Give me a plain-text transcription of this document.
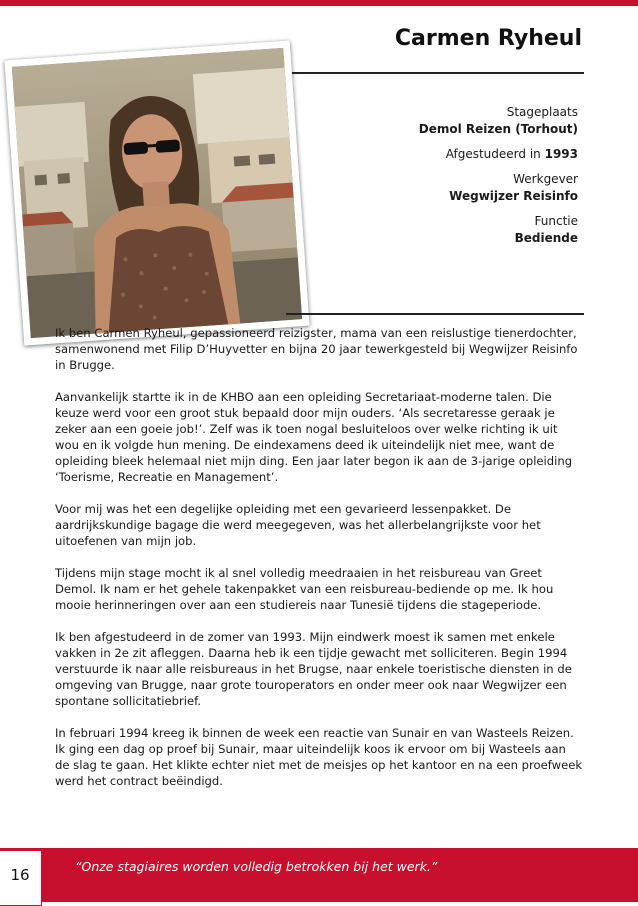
Carmen Ryheul
Stageplaats
Demol Reizen (Torhout)
Afgestudeerd in 1993
Werkgever
Wegwijzer Reisinfo
Functie
Bediende

Ik ben Carmen Ryheul, gepassioneerd reizigster, mama van een reislustige tienerdochter, samenwonend met Filip D’Huyvetter en bijna 20 jaar tewerkgesteld bij Wegwijzer Reisinfo in Brugge.

Aanvankelijk startte ik in de KHBO aan een opleiding Secretariaat-moderne talen. Die keuze werd voor een groot stuk bepaald door mijn ouders. ‘Als secretaresse geraak je zeker aan een goeie job!’. Zelf was ik toen nogal besluiteloos over welke richting ik uit wou en ik volgde hun mening. De eindexamens deed ik uiteindelijk niet mee, want de opleiding bleek helemaal niet mijn ding. Een jaar later begon ik aan de 3-jarige opleiding ‘Toerisme, Recreatie en Management’.

Voor mij was het een degelijke opleiding met een gevarieerd lessenpakket. De aardrijkskundige bagage die werd meegegeven, was het allerbelangrijkste voor het uitoefenen van mijn job.

Tijdens mijn stage mocht ik al snel volledig meedraaien in het reisbureau van Greet Demol. Ik nam er het gehele takenpakket van een reisbureau-bediende op me. Ik hou mooie herinneringen over aan een studiereis naar Tunesië tijdens die stageperiode.

Ik ben afgestudeerd in de zomer van 1993. Mijn eindwerk moest ik samen met enkele vakken in 2e zit afleggen. Daarna heb ik een tijdje gewacht met solliciteren. Begin 1994 verstuurde ik naar alle reisbureaus in het Brugse, naar enkele toeristische diensten in de omgeving van Brugge, naar grote touroperators en onder meer ook naar Wegwijzer een spontane sollicitatiebrief.

In februari 1994 kreeg ik binnen de week een reactie van Sunair en van Wasteels Reizen. Ik ging een dag op proef bij Sunair, maar uiteindelijk koos ik ervoor om bij Wasteels aan de slag te gaan. Het klikte echter niet met de meisjes op het kantoor en na een proefweek werd het contract beëindigd.

16	“Onze stagiaires worden volledig betrokken bij het werk.”
